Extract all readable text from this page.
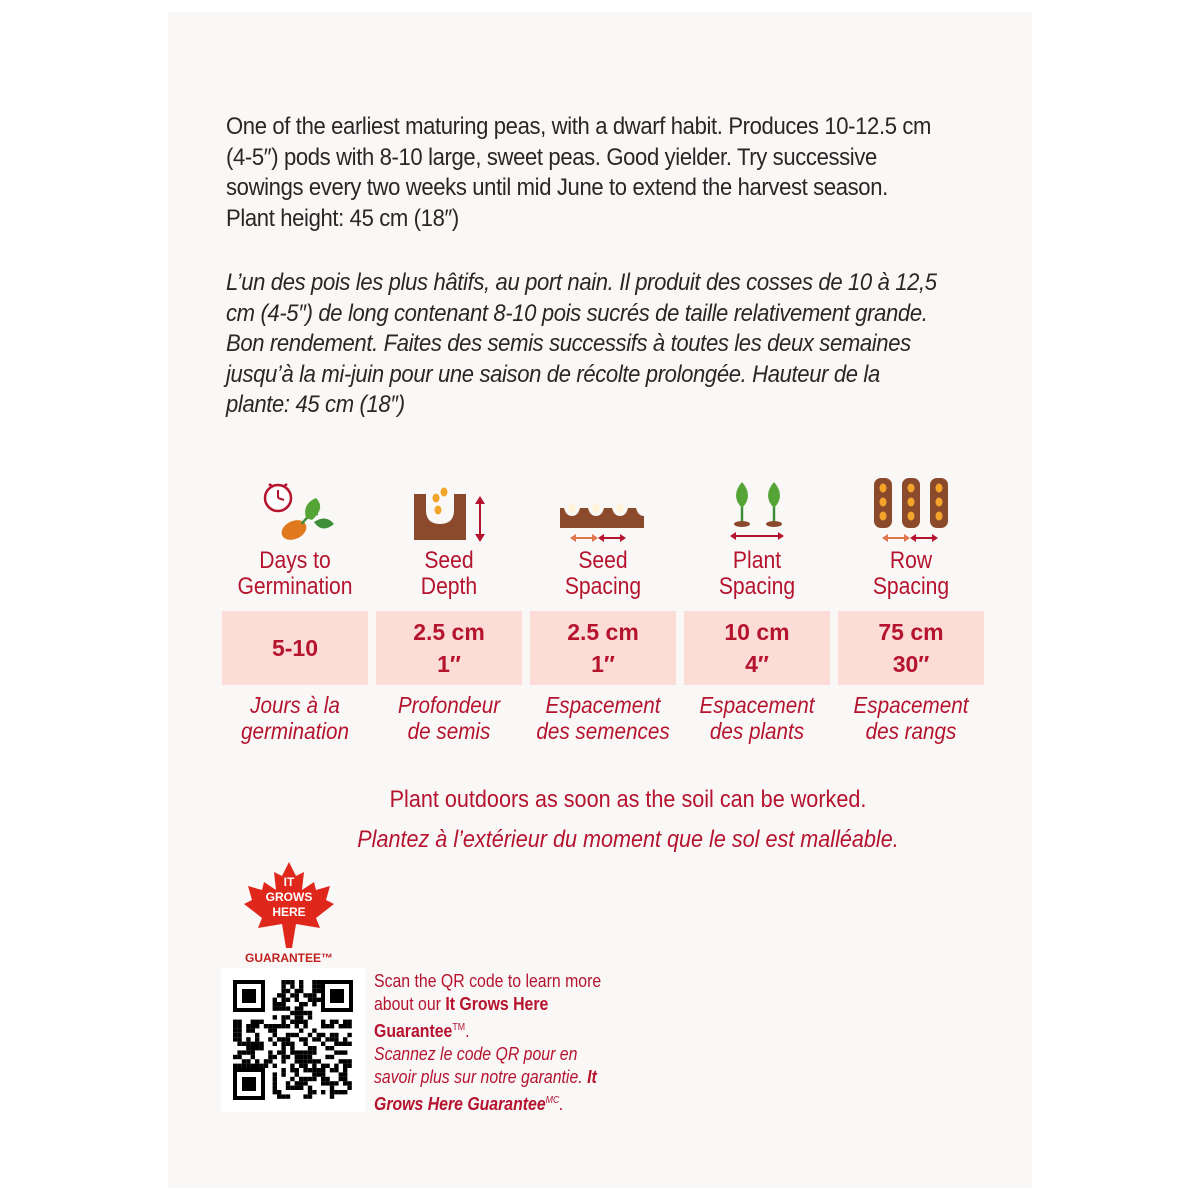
One of the earliest maturing peas, with a dwarf habit. Produces 10-12.5 cm (4-5″) pods with 8-10 large, sweet peas. Good yielder. Try successive sowings every two weeks until mid June to extend the harvest season. Plant height: 45 cm (18″)
L’un des pois les plus hâtifs, au port nain. Il produit des cosses de 10 à 12,5 cm (4-5″) de long contenant 8-10 pois sucrés de taille relativement grande. Bon rendement. Faites des semis successifs à toutes les deux semaines jusqu’à la mi-juin pour une saison de récolte prolongée. Hauteur de la plante: 45 cm (18″)
Days to
Germination
5-10
Jours à la
germination
Seed
Depth
2.5 cm
1″
Profondeur
de semis
Seed
Spacing
2.5 cm
1″
Espacement
des semences
Plant
Spacing
10 cm
4″
Espacement
des plants
Row
Spacing
75 cm
30″
Espacement
des rangs
Plant outdoors as soon as the soil can be worked.
Plantez à l’extérieur du moment que le sol est malléable.
IT
GROWS
HERE
GUARANTEE™
Scan the QR code to learn more about our It Grows Here Guarantee™.
Scannez le code QR pour en savoir plus sur notre garantie. It Grows Here Guarantee$^{MC}$.
